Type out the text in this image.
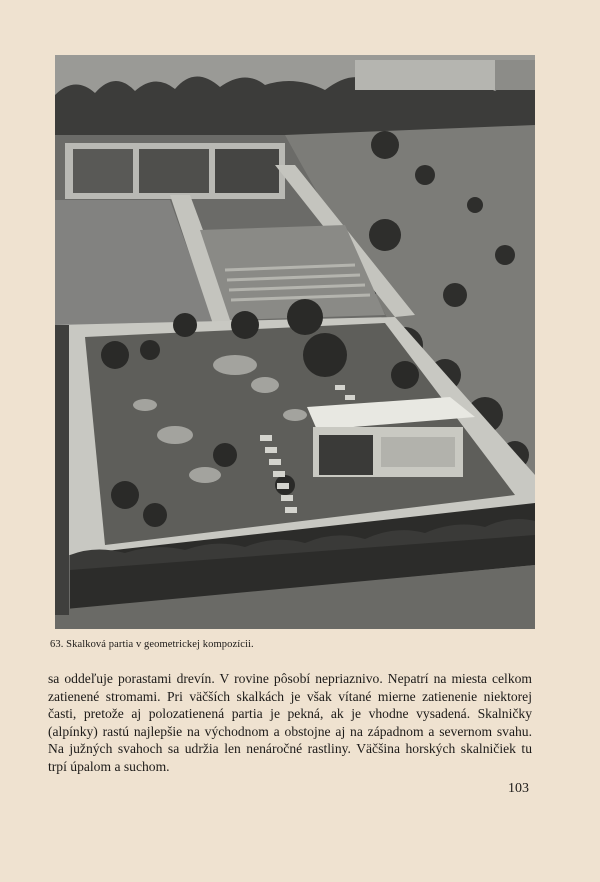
63. Skalková partia v geometrickej kompozícii.
sa oddeľuje porastami drevín. V rovine pôsobí nepriaznivo. Nepatrí na miesta celkom
zatienené stromami. Pri väčších skalkách je však vítané mierne zatienenie niektorej
časti, pretože aj polozatienená partia je pekná, ak je vhodne vysadená. Skalničky
(alpínky) rastú najlepšie na východnom a obstojne aj na západnom a severnom svahu.
Na južných svahoch sa udržia len nenáročné rastliny. Väčšina horských skalničiek tu
trpí úpalom a suchom.
103
